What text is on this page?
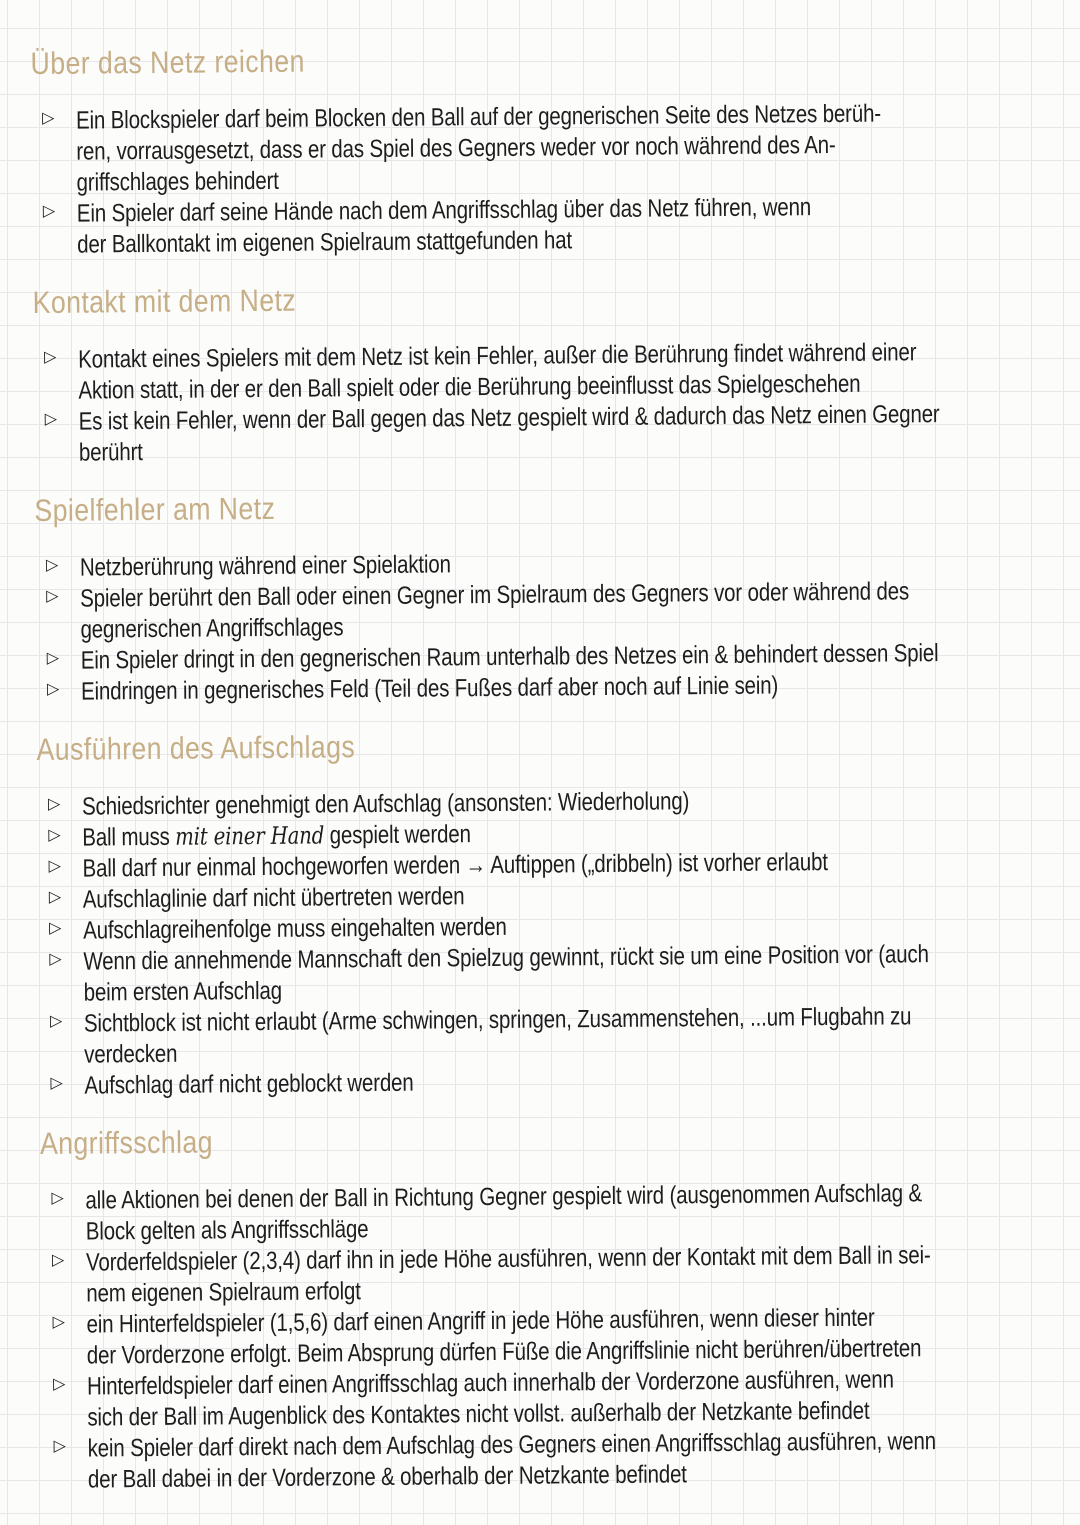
Über das Netz reichen
▷ Ein Blockspieler darf beim Blocken den Ball auf der gegnerischen Seite des Netzes berüh-
ren, vorrausgesetzt, dass er das Spiel des Gegners weder vor noch während des An-
griffschlages behindert
▷ Ein Spieler darf seine Hände nach dem Angriffsschlag über das Netz führen, wenn
der Ballkontakt im eigenen Spielraum stattgefunden hat
Kontakt mit dem Netz
▷ Kontakt eines Spielers mit dem Netz ist kein Fehler, außer die Berührung findet während einer
Aktion statt, in der er den Ball spielt oder die Berührung beeinflusst das Spielgeschehen
▷ Es ist kein Fehler, wenn der Ball gegen das Netz gespielt wird & dadurch das Netz einen Gegner
berührt
Spielfehler am Netz
▷ Netzberührung während einer Spielaktion
▷ Spieler berührt den Ball oder einen Gegner im Spielraum des Gegners vor oder während des
gegnerischen Angriffschlages
▷ Ein Spieler dringt in den gegnerischen Raum unterhalb des Netzes ein & behindert dessen Spiel
▷ Eindringen in gegnerisches Feld (Teil des Fußes darf aber noch auf Linie sein)
Ausführen des Aufschlags
▷ Schiedsrichter genehmigt den Aufschlag (ansonsten: Wiederholung)
▷ Ball muss mit einer Hand gespielt werden
▷ Ball darf nur einmal hochgeworfen werden → Auftippen („dribbeln) ist vorher erlaubt
▷ Aufschlaglinie darf nicht übertreten werden
▷ Aufschlagreihenfolge muss eingehalten werden
▷ Wenn die annehmende Mannschaft den Spielzug gewinnt, rückt sie um eine Position vor (auch
beim ersten Aufschlag
▷ Sichtblock ist nicht erlaubt (Arme schwingen, springen, Zusammenstehen, ...um Flugbahn zu
verdecken
▷ Aufschlag darf nicht geblockt werden
Angriffsschlag
▷ alle Aktionen bei denen der Ball in Richtung Gegner gespielt wird (ausgenommen Aufschlag &
Block gelten als Angriffsschläge
▷ Vorderfeldspieler (2,3,4) darf ihn in jede Höhe ausführen, wenn der Kontakt mit dem Ball in sei-
nem eigenen Spielraum erfolgt
▷ ein Hinterfeldspieler (1,5,6) darf einen Angriff in jede Höhe ausführen, wenn dieser hinter
der Vorderzone erfolgt. Beim Absprung dürfen Füße die Angriffslinie nicht berühren/übertreten
▷ Hinterfeldspieler darf einen Angriffsschlag auch innerhalb der Vorderzone ausführen, wenn
sich der Ball im Augenblick des Kontaktes nicht vollst. außerhalb der Netzkante befindet
▷ kein Spieler darf direkt nach dem Aufschlag des Gegners einen Angriffsschlag ausführen, wenn
der Ball dabei in der Vorderzone & oberhalb der Netzkante befindet
